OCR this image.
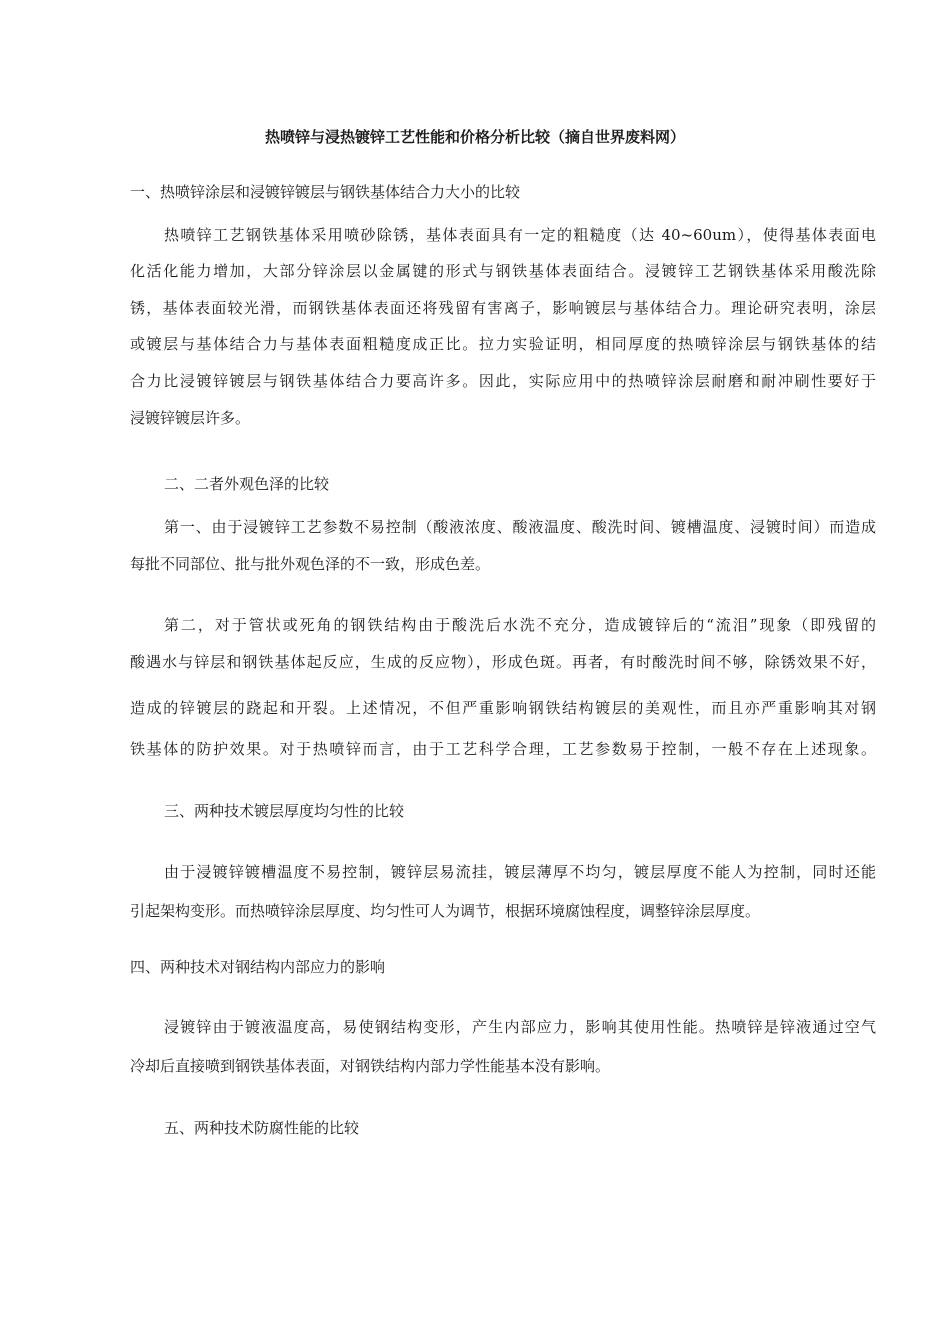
热喷锌与浸热镀锌工艺性能和价格分析比较（摘自世界废料网）
一、热喷锌涂层和浸镀锌镀层与钢铁基体结合力大小的比较
热喷锌工艺钢铁基体采用喷砂除锈，基体表面具有一定的粗糙度（达 40~60um），使得基体表面电
化活化能力增加，大部分锌涂层以金属键的形式与钢铁基体表面结合。浸镀锌工艺钢铁基体采用酸洗除
锈，基体表面较光滑，而钢铁基体表面还将残留有害离子，影响镀层与基体结合力。理论研究表明，涂层
或镀层与基体结合力与基体表面粗糙度成正比。拉力实验证明，相同厚度的热喷锌涂层与钢铁基体的结
合力比浸镀锌镀层与钢铁基体结合力要高许多。因此，实际应用中的热喷锌涂层耐磨和耐冲刷性要好于
浸镀锌镀层许多。
二、二者外观色泽的比较
第一、由于浸镀锌工艺参数不易控制（酸液浓度、酸液温度、酸洗时间、镀槽温度、浸镀时间）而造成
每批不同部位、批与批外观色泽的不一致，形成色差。
第二，对于管状或死角的钢铁结构由于酸洗后水洗不充分，造成镀锌后的“流泪”现象（即残留的
酸遇水与锌层和钢铁基体起反应，生成的反应物），形成色斑。再者，有时酸洗时间不够，除锈效果不好，
造成的锌镀层的跷起和开裂。上述情况，不但严重影响钢铁结构镀层的美观性，而且亦严重影响其对钢
铁基体的防护效果。对于热喷锌而言，由于工艺科学合理，工艺参数易于控制，一般不存在上述现象。
三、两种技术镀层厚度均匀性的比较
由于浸镀锌镀槽温度不易控制，镀锌层易流挂，镀层薄厚不均匀，镀层厚度不能人为控制，同时还能
引起架构变形。而热喷锌涂层厚度、均匀性可人为调节，根据环境腐蚀程度，调整锌涂层厚度。
四、两种技术对钢结构内部应力的影响
浸镀锌由于镀液温度高，易使钢结构变形，产生内部应力，影响其使用性能。热喷锌是锌液通过空气
冷却后直接喷到钢铁基体表面，对钢铁结构内部力学性能基本没有影响。
五、两种技术防腐性能的比较
